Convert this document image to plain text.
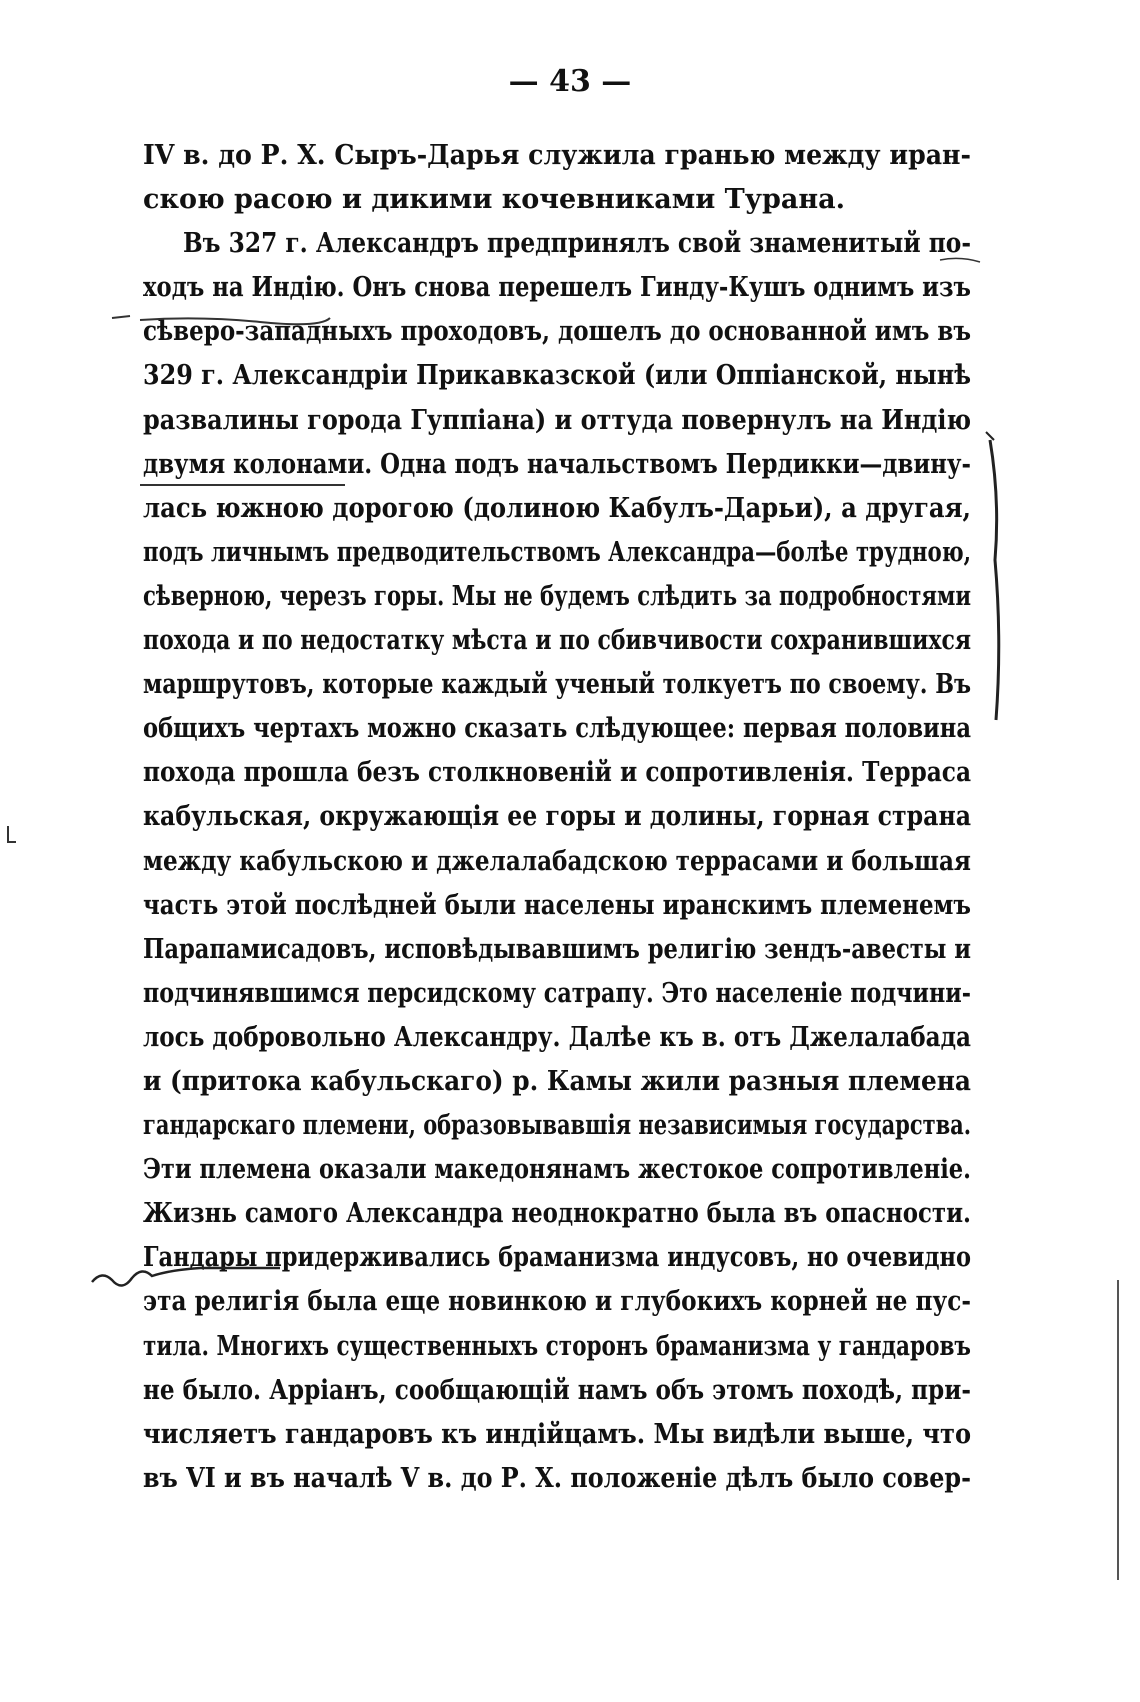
— 43 —
IV в. до Р. Х. Сыръ-Дарья служила гранью между иран-
скою расою и дикими кочевниками Турана.
Въ 327 г. Александръ предпринялъ свой знаменитый по-
ходъ на Индію. Онъ снова перешелъ Гинду-Кушъ однимъ изъ
сѣверо-западныхъ проходовъ, дошелъ до основанной имъ въ
329 г. Александріи Прикавказской (или Оппіанской, нынѣ
развалины города Гуппіана) и оттуда повернулъ на Индію
двумя колонами. Одна подъ начальствомъ Пердикки—двину-
лась южною дорогою (долиною Кабулъ-Дарьи), а другая,
подъ личнымъ предводительствомъ Александра—болѣе трудною,
сѣверною, черезъ горы. Мы не будемъ слѣдить за подробностями
похода и по недостатку мѣста и по сбивчивости сохранившихся
маршрутовъ, которые каждый ученый толкуетъ по своему. Въ
общихъ чертахъ можно сказать слѣдующее: первая половина
похода прошла безъ столкновеній и сопротивленія. Терраса
кабульская, окружающія ее горы и долины, горная страна
между кабульскою и джелалабадскою террасами и большая
часть этой послѣдней были населены иранскимъ племенемъ
Парапамисадовъ, исповѣдывавшимъ религію зендъ-авесты и
подчинявшимся персидскому сатрапу. Это населеніе подчини-
лось добровольно Александру. Далѣе къ в. отъ Джелалабада
и (притока кабульскаго) р. Камы жили разныя племена
гандарскаго племени, образовывавшія независимыя государства.
Эти племена оказали македонянамъ жестокое сопротивленіе.
Жизнь самого Александра неоднократно была въ опасности.
Гандары придерживались браманизма индусовъ, но очевидно
эта религія была еще новинкою и глубокихъ корней не пус-
тила. Многихъ существенныхъ сторонъ браманизма у гандаровъ
не было. Арріанъ, сообщающій намъ объ этомъ походѣ, при-
числяетъ гандаровъ къ индійцамъ. Мы видѣли выше, что
въ VI и въ началѣ V в. до Р. Х. положеніе дѣлъ было совер-
